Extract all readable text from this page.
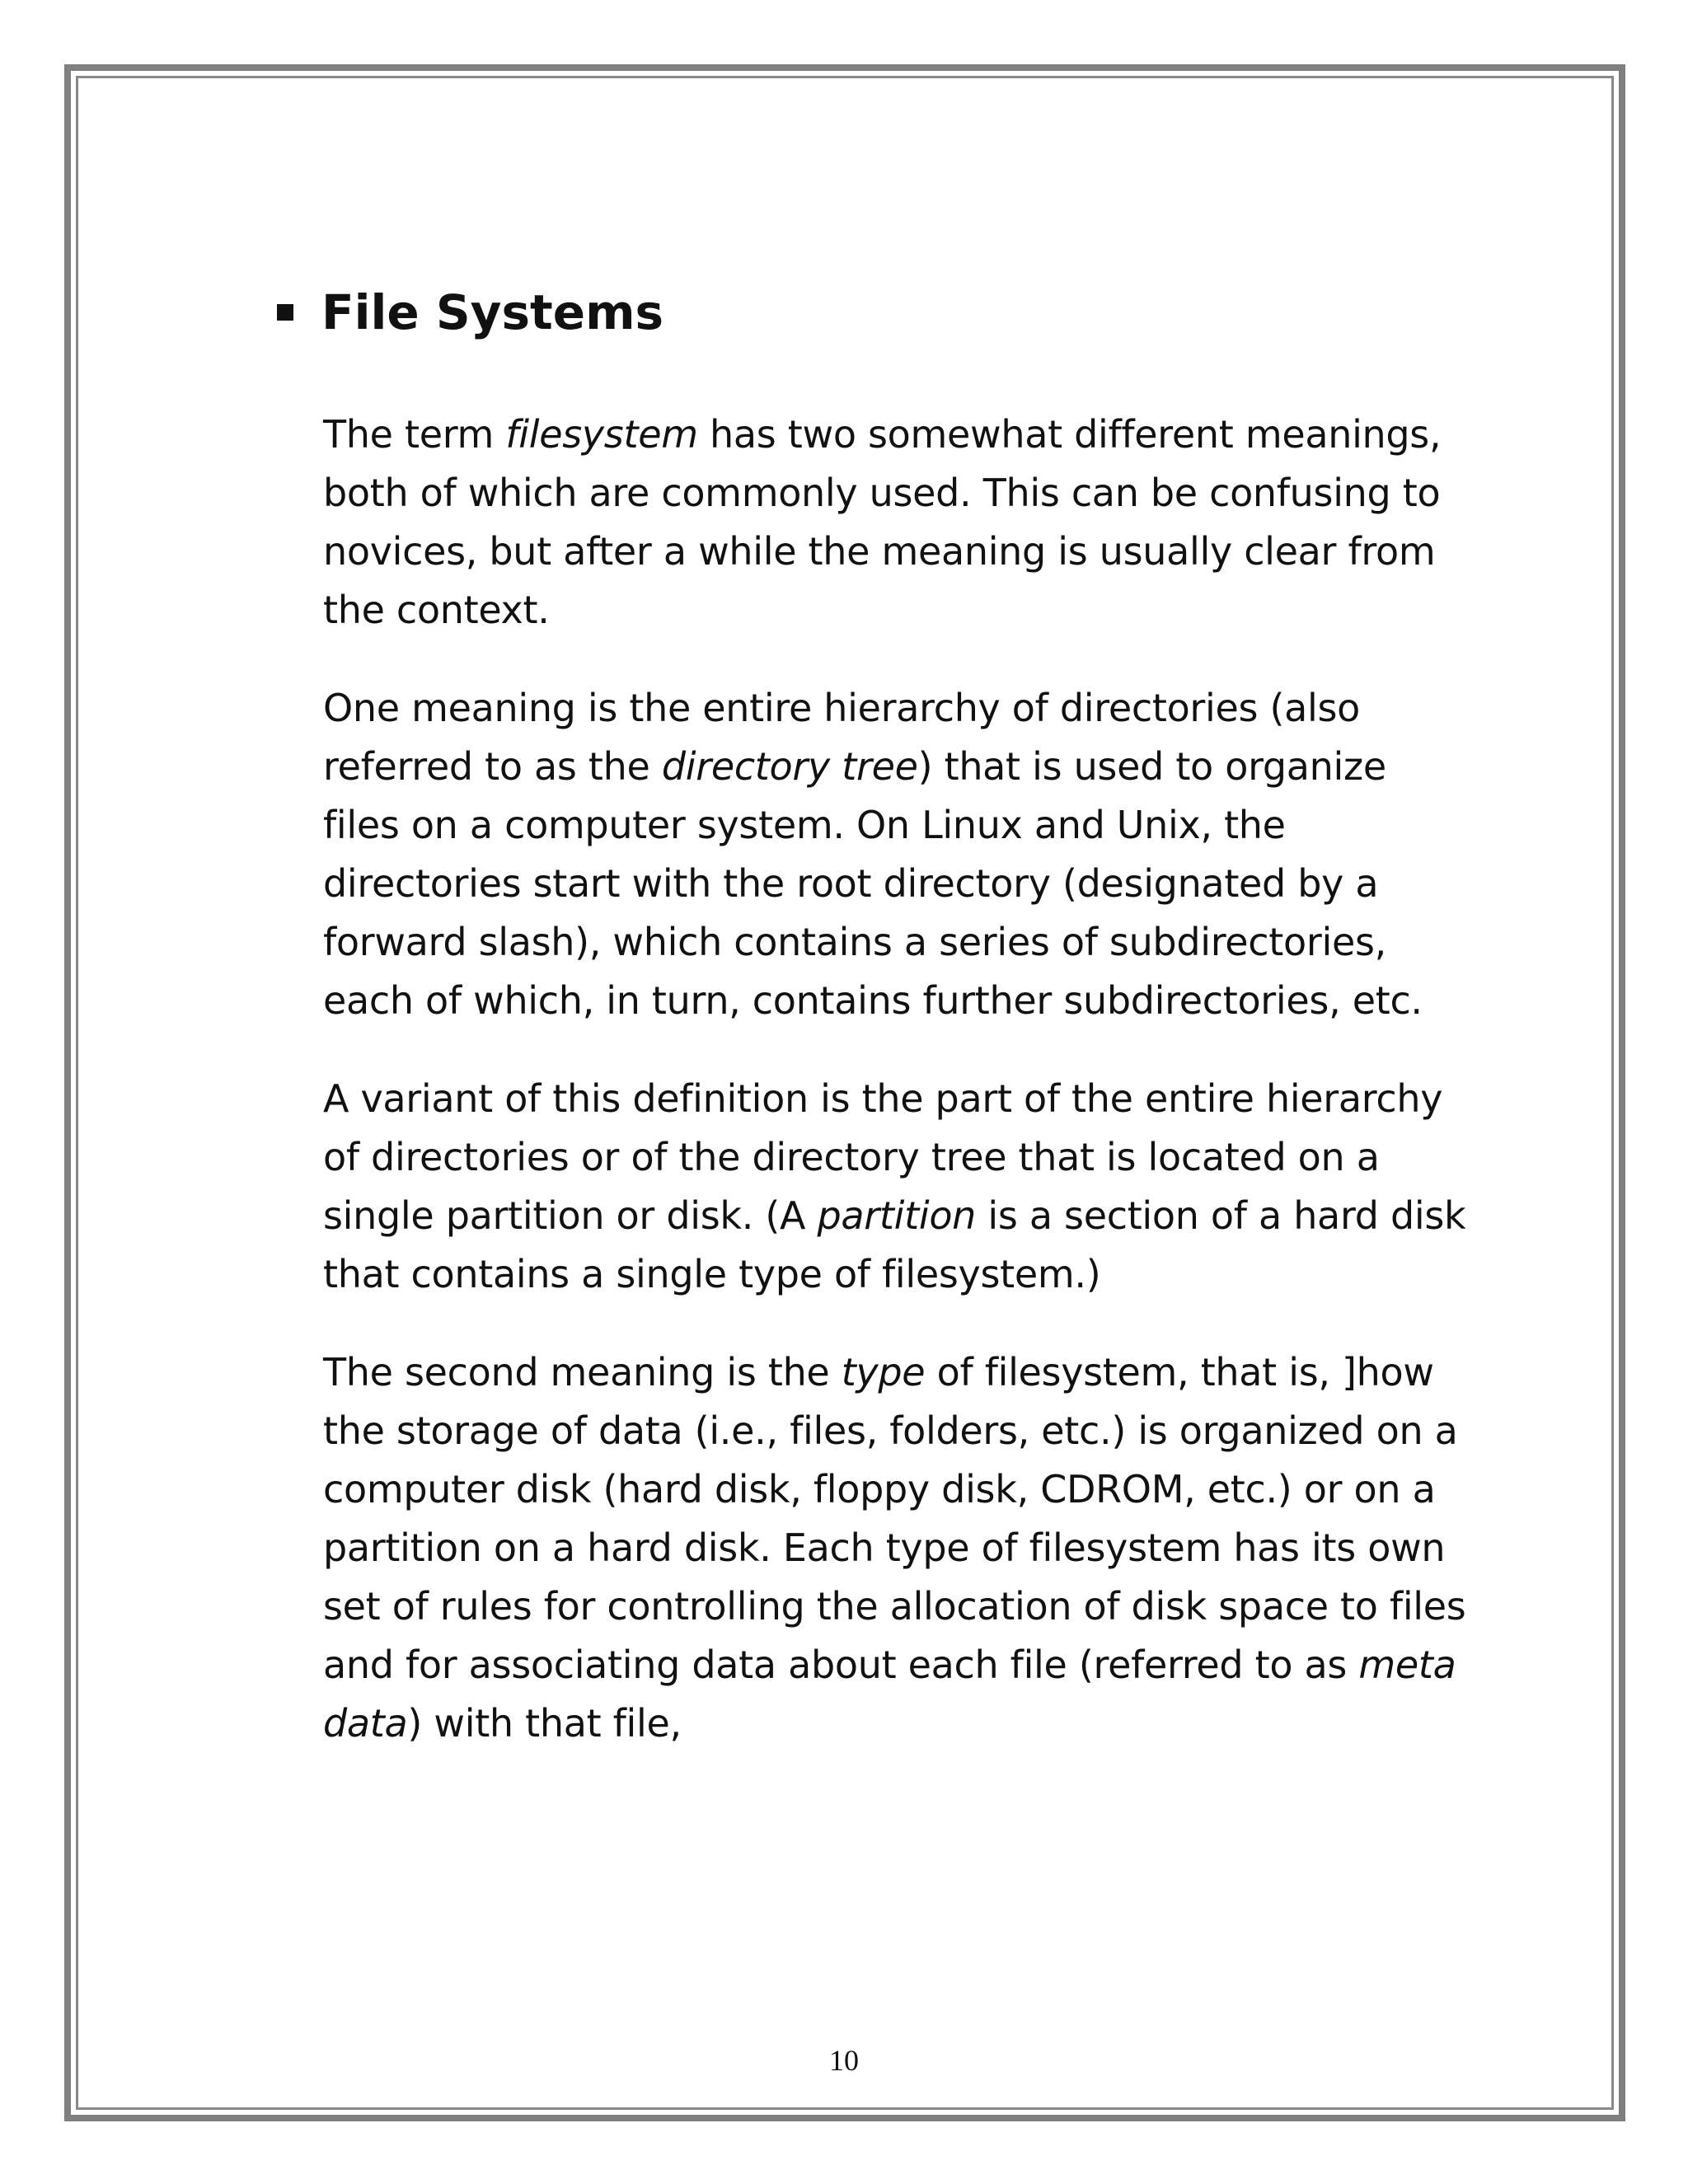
File Systems

The term filesystem has two somewhat different meanings, both of which are commonly used. This can be confusing to novices, but after a while the meaning is usually clear from the context.

One meaning is the entire hierarchy of directories (also referred to as the directory tree) that is used to organize files on a computer system. On Linux and Unix, the directories start with the root directory (designated by a forward slash), which contains a series of subdirectories, each of which, in turn, contains further subdirectories, etc.

A variant of this definition is the part of the entire hierarchy of directories or of the directory tree that is located on a single partition or disk. (A partition is a section of a hard disk that contains a single type of filesystem.)

The second meaning is the type of filesystem, that is, ]how the storage of data (i.e., files, folders, etc.) is organized on a computer disk (hard disk, floppy disk, CDROM, etc.) or on a partition on a hard disk. Each type of filesystem has its own set of rules for controlling the allocation of disk space to files and for associating data about each file (referred to as meta data) with that file,

10
